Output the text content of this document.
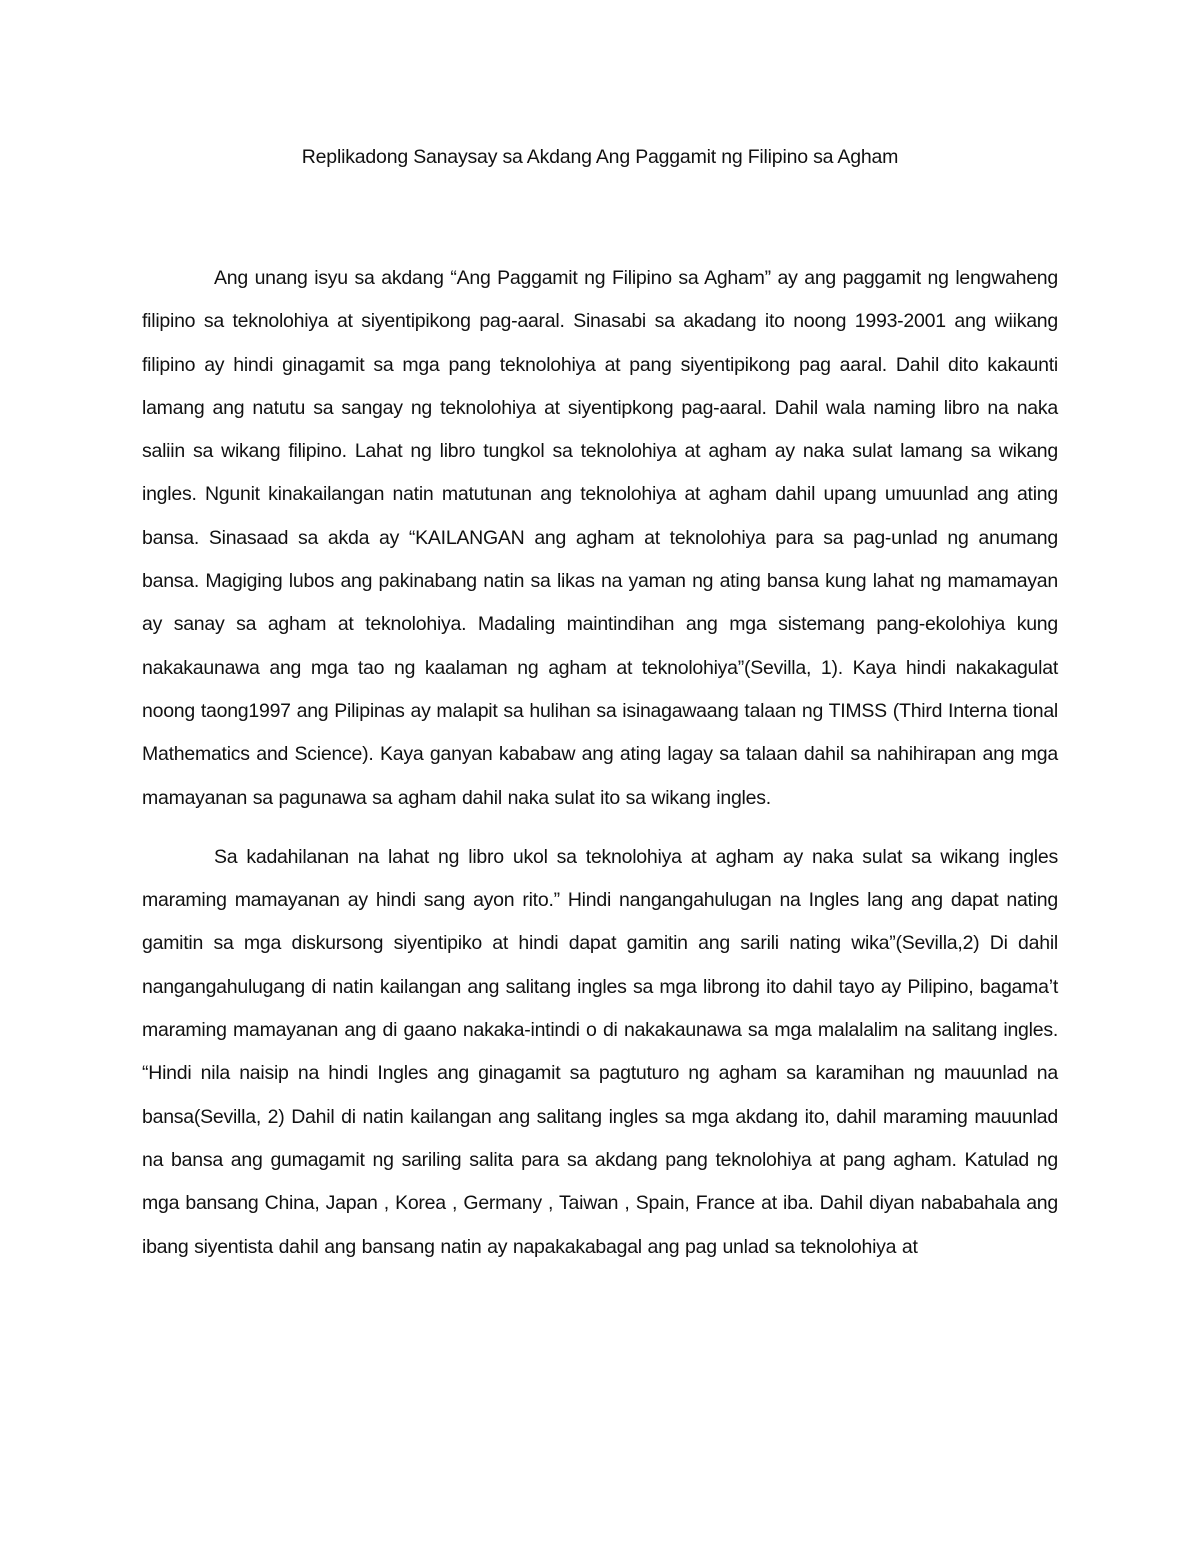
Replikadong Sanaysay sa Akdang Ang Paggamit ng Filipino sa Agham

Ang unang isyu sa akdang “Ang Paggamit ng Filipino sa Agham” ay ang paggamit ng lengwaheng filipino sa teknolohiya at siyentipikong pag-aaral. Sinasabi sa akadang ito noong 1993-2001 ang wiikang filipino ay hindi ginagamit sa mga pang teknolohiya at pang siyentipikong pag aaral. Dahil dito kakaunti lamang ang natutu sa sangay ng teknolohiya at siyentipkong pag-aaral. Dahil wala naming libro na naka saliin sa wikang filipino. Lahat ng libro tungkol sa teknolohiya at agham ay naka sulat lamang sa wikang ingles. Ngunit kinakailangan natin matutunan ang teknolohiya at agham dahil upang umuunlad ang ating bansa. Sinasaad sa akda ay “KAILANGAN ang agham at teknolohiya para sa pag-unlad ng anumang bansa. Magiging lubos ang pakinabang natin sa likas na yaman ng ating bansa kung lahat ng mamamayan ay sanay sa agham at teknolohiya. Madaling maintindihan ang mga sistemang pang-ekolohiya kung nakakaunawa ang mga tao ng kaalaman ng agham at teknolohiya”(Sevilla, 1). Kaya hindi nakakagulat noong taong1997 ang Pilipinas ay malapit sa hulihan sa isinagawaang talaan ng TIMSS (Third Interna tional Mathematics and Science). Kaya ganyan kababaw ang ating lagay sa talaan dahil sa nahihirapan ang mga mamayanan sa pagunawa sa agham dahil naka sulat ito sa wikang ingles.

Sa kadahilanan na lahat ng libro ukol sa teknolohiya at agham ay naka sulat sa wikang ingles maraming mamayanan ay hindi sang ayon rito.” Hindi nangangahulugan na Ingles lang ang dapat nating gamitin sa mga diskursong siyentipiko at hindi dapat gamitin ang sarili nating wika”(Sevilla,2) Di dahil nangangahulugang di natin kailangan ang salitang ingles sa mga librong ito dahil tayo ay Pilipino, bagama’t maraming mamayanan ang di gaano nakaka-intindi o di nakakaunawa sa mga malalalim na salitang ingles. “Hindi nila naisip na hindi Ingles ang ginagamit sa pagtuturo ng agham sa karamihan ng mauunlad na bansa(Sevilla, 2) Dahil di natin kailangan ang salitang ingles sa mga akdang ito, dahil maraming mauunlad na bansa ang gumagamit ng sariling salita para sa akdang pang teknolohiya at pang agham. Katulad ng mga bansang China, Japan , Korea , Germany , Taiwan , Spain, France at iba. Dahil diyan nababahala ang ibang siyentista dahil ang bansang natin ay napakakabagal ang pag unlad sa teknolohiya at
